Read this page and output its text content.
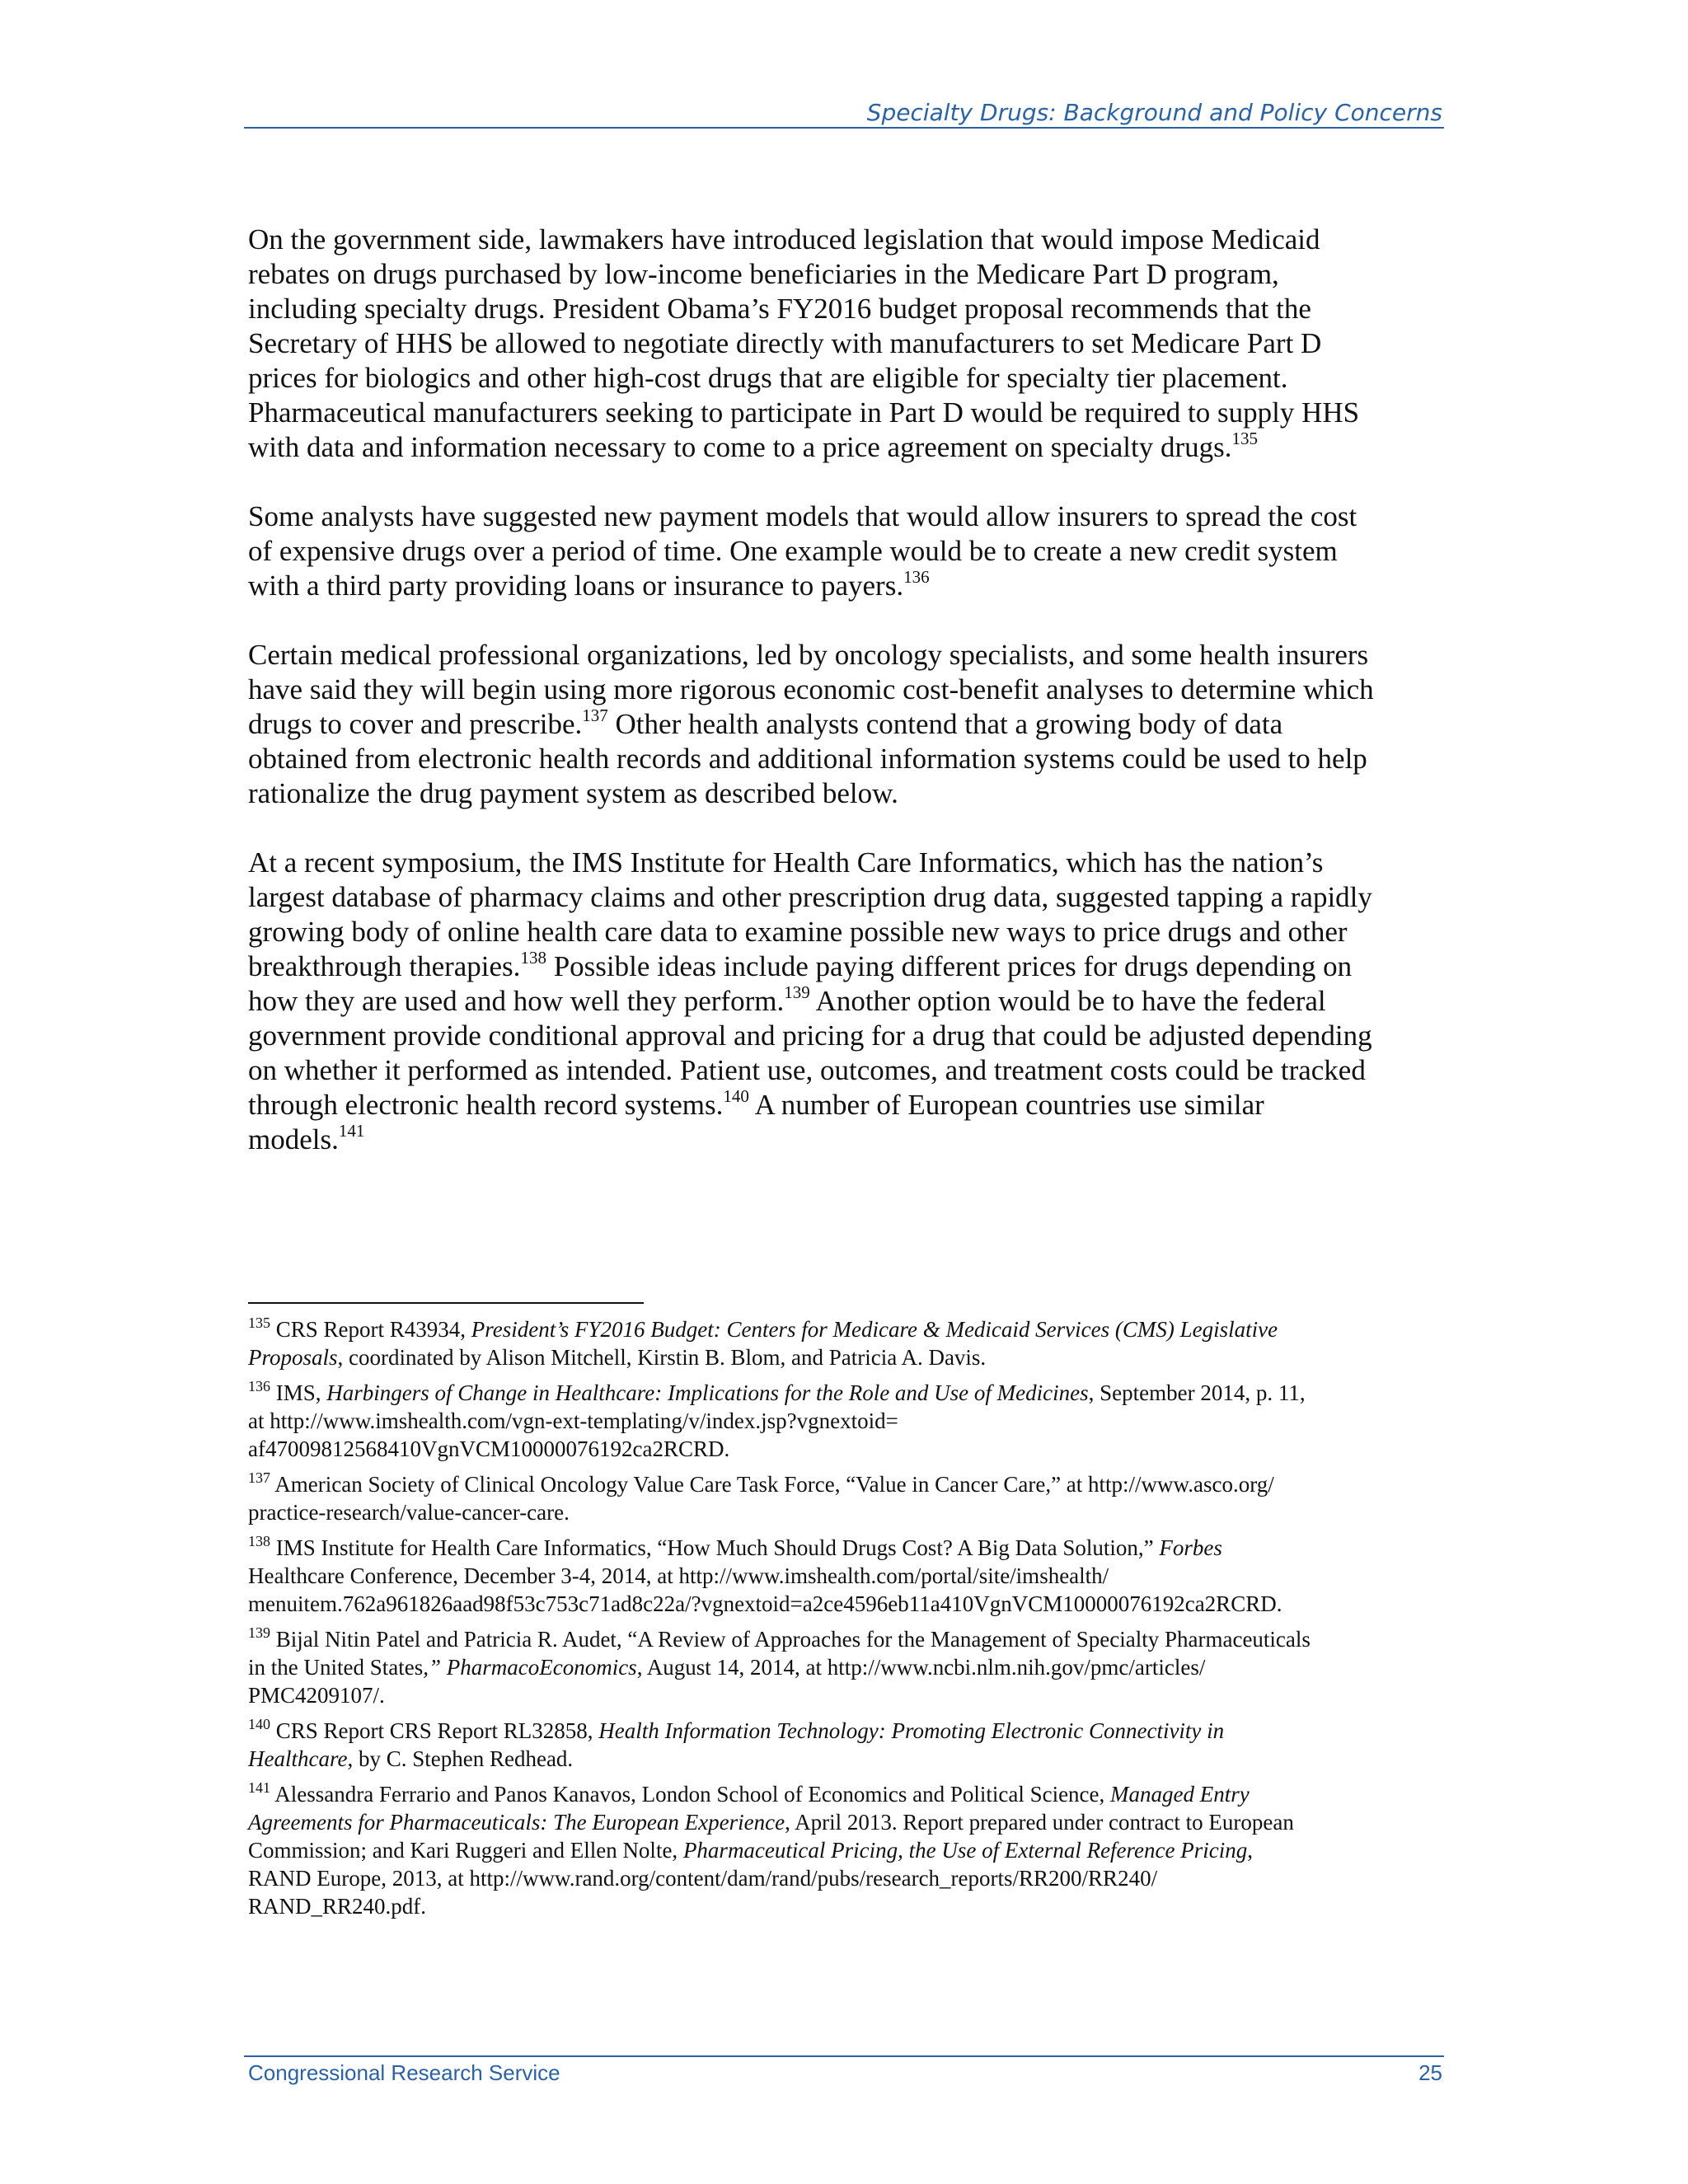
Specialty Drugs: Background and Policy Concerns
On the government side, lawmakers have introduced legislation that would impose Medicaid
rebates on drugs purchased by low-income beneficiaries in the Medicare Part D program,
including specialty drugs. President Obama’s FY2016 budget proposal recommends that the
Secretary of HHS be allowed to negotiate directly with manufacturers to set Medicare Part D
prices for biologics and other high-cost drugs that are eligible for specialty tier placement.
Pharmaceutical manufacturers seeking to participate in Part D would be required to supply HHS
with data and information necessary to come to a price agreement on specialty drugs.$^{135}$
Some analysts have suggested new payment models that would allow insurers to spread the cost
of expensive drugs over a period of time. One example would be to create a new credit system
with a third party providing loans or insurance to payers.$^{136}$
Certain medical professional organizations, led by oncology specialists, and some health insurers
have said they will begin using more rigorous economic cost-benefit analyses to determine which
drugs to cover and prescribe.$^{137}$ Other health analysts contend that a growing body of data
obtained from electronic health records and additional information systems could be used to help
rationalize the drug payment system as described below.
At a recent symposium, the IMS Institute for Health Care Informatics, which has the nation’s
largest database of pharmacy claims and other prescription drug data, suggested tapping a rapidly
growing body of online health care data to examine possible new ways to price drugs and other
breakthrough therapies.$^{138}$ Possible ideas include paying different prices for drugs depending on
how they are used and how well they perform.$^{139}$ Another option would be to have the federal
government provide conditional approval and pricing for a drug that could be adjusted depending
on whether it performed as intended. Patient use, outcomes, and treatment costs could be tracked
through electronic health record systems.$^{140}$ A number of European countries use similar
models.$^{141}$
$^{135}$ CRS Report R43934, President’s FY2016 Budget: Centers for Medicare & Medicaid Services (CMS) Legislative
Proposals, coordinated by Alison Mitchell, Kirstin B. Blom, and Patricia A. Davis.
$^{136}$ IMS, Harbingers of Change in Healthcare: Implications for the Role and Use of Medicines, September 2014, p. 11,
at http://www.imshealth.com/vgn-ext-templating/v/index.jsp?vgnextoid=
af47009812568410VgnVCM10000076192ca2RCRD.
$^{137}$ American Society of Clinical Oncology Value Care Task Force, “Value in Cancer Care,” at http://www.asco.org/
practice-research/value-cancer-care.
$^{138}$ IMS Institute for Health Care Informatics, “How Much Should Drugs Cost? A Big Data Solution,” Forbes
Healthcare Conference, December 3-4, 2014, at http://www.imshealth.com/portal/site/imshealth/
menuitem.762a961826aad98f53c753c71ad8c22a/?vgnextoid=a2ce4596eb11a410VgnVCM10000076192ca2RCRD.
$^{139}$ Bijal Nitin Patel and Patricia R. Audet, “A Review of Approaches for the Management of Specialty Pharmaceuticals
in the United States,” PharmacoEconomics, August 14, 2014, at http://www.ncbi.nlm.nih.gov/pmc/articles/
PMC4209107/.
$^{140}$ CRS Report CRS Report RL32858, Health Information Technology: Promoting Electronic Connectivity in
Healthcare, by C. Stephen Redhead.
$^{141}$ Alessandra Ferrario and Panos Kanavos, London School of Economics and Political Science, Managed Entry
Agreements for Pharmaceuticals: The European Experience, April 2013. Report prepared under contract to European
Commission; and Kari Ruggeri and Ellen Nolte, Pharmaceutical Pricing, the Use of External Reference Pricing,
RAND Europe, 2013, at http://www.rand.org/content/dam/rand/pubs/research_reports/RR200/RR240/
RAND_RR240.pdf.
Congressional Research Service	25
